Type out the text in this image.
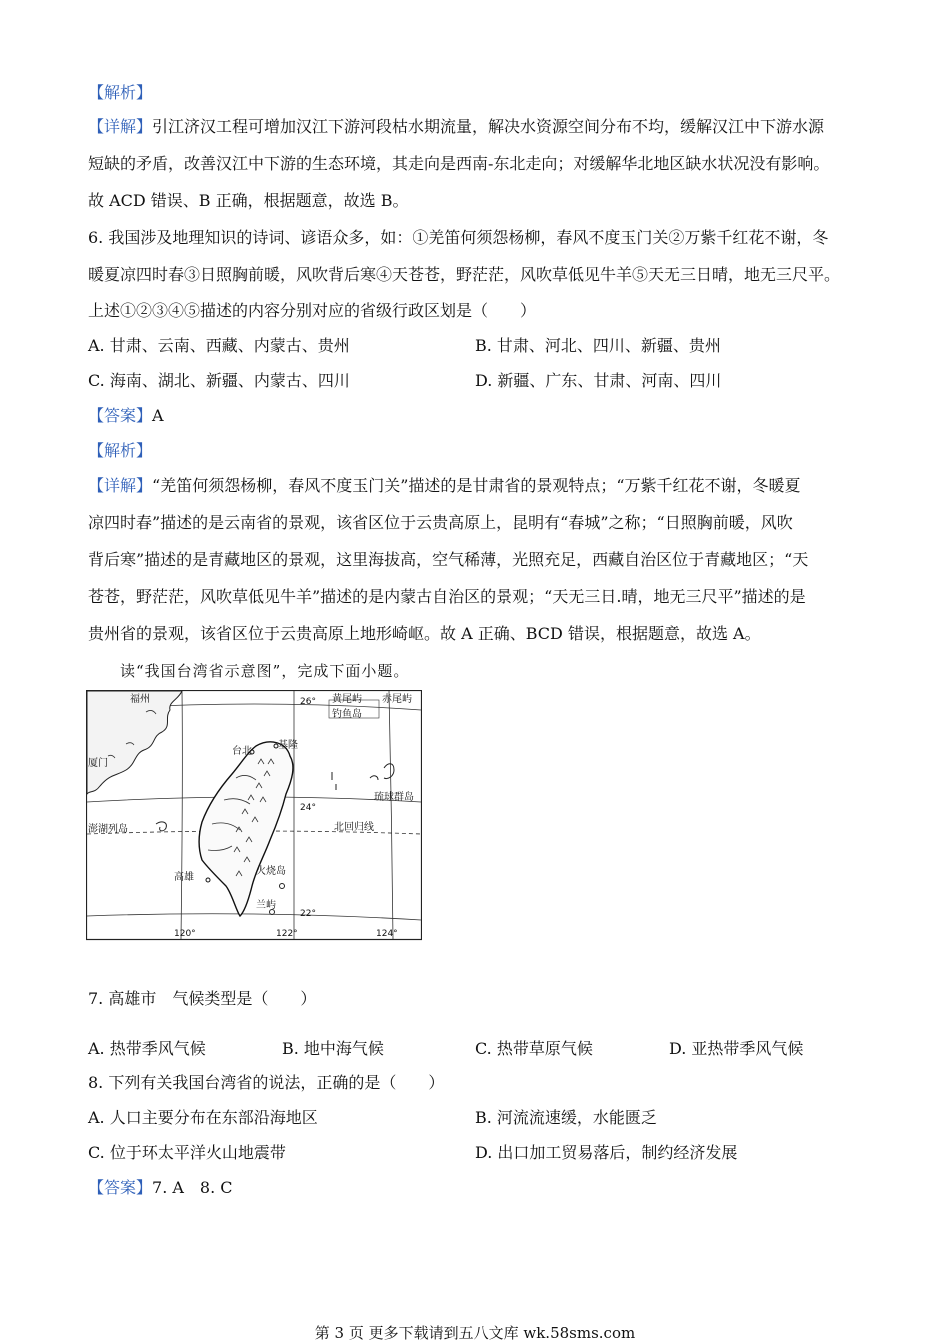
【解析】
【详解】引江济汉工程可增加汉江下游河段枯水期流量，解决水资源空间分布不均，缓解汉江中下游水源
短缺的矛盾，改善汉江中下游的生态环境，其走向是西南-东北走向；对缓解华北地区缺水状况没有影响。
故 ACD 错误、B 正确，根据题意，故选 B。
6. 我国涉及地理知识的诗词、谚语众多，如：①羌笛何须怨杨柳，春风不度玉门关②万紫千红花不谢，冬
暖夏凉四时春③日照胸前暖，风吹背后寒④天苍苍，野茫茫，风吹草低见牛羊⑤天无三日晴，地无三尺平。
上述①②③④⑤描述的内容分别对应的省级行政区划是（　　）
A. 甘肃、云南、西藏、内蒙古、贵州	B. 甘肃、河北、四川、新疆、贵州
C. 海南、湖北、新疆、内蒙古、四川	D. 新疆、广东、甘肃、河南、四川
【答案】A
【解析】
【详解】“羌笛何须怨杨柳，春风不度玉门关”描述的是甘肃省的景观特点；“万紫千红花不谢，冬暖夏
凉四时春”描述的是云南省的景观，该省区位于云贵高原上，昆明有“春城”之称；“日照胸前暖，风吹
背后寒”描述的是青藏地区的景观，这里海拔高，空气稀薄，光照充足，西藏自治区位于青藏地区；“天
苍苍，野茫茫，风吹草低见牛羊”描述的是内蒙古自治区的景观；“天无三日.晴，地无三尺平”描述的是
贵州省的景观，该省区位于云贵高原上地形崎岖。故 A 正确、BCD 错误，根据题意，故选 A。
读“我国台湾省示意图”，完成下面小题。
福州
厦门
澎湖列岛
高雄
台北
基隆
火烧岛
兰屿
黄尾屿
钓鱼岛
赤尾屿
琉球群岛
北回归线
26°
24°
22°
120°	122°	124°
7. 高雄市　气候类型是（　　）
A. 热带季风气候	B. 地中海气候	C. 热带草原气候	D. 亚热带季风气候
8. 下列有关我国台湾省的说法，正确的是（　　）
A. 人口主要分布在东部沿海地区	B. 河流流速缓，水能匮乏
C. 位于环太平洋火山地震带	D. 出口加工贸易落后，制约经济发展
【答案】7. A　8. C
第 3 页 更多下载请到五八文库 wk.58sms.com
